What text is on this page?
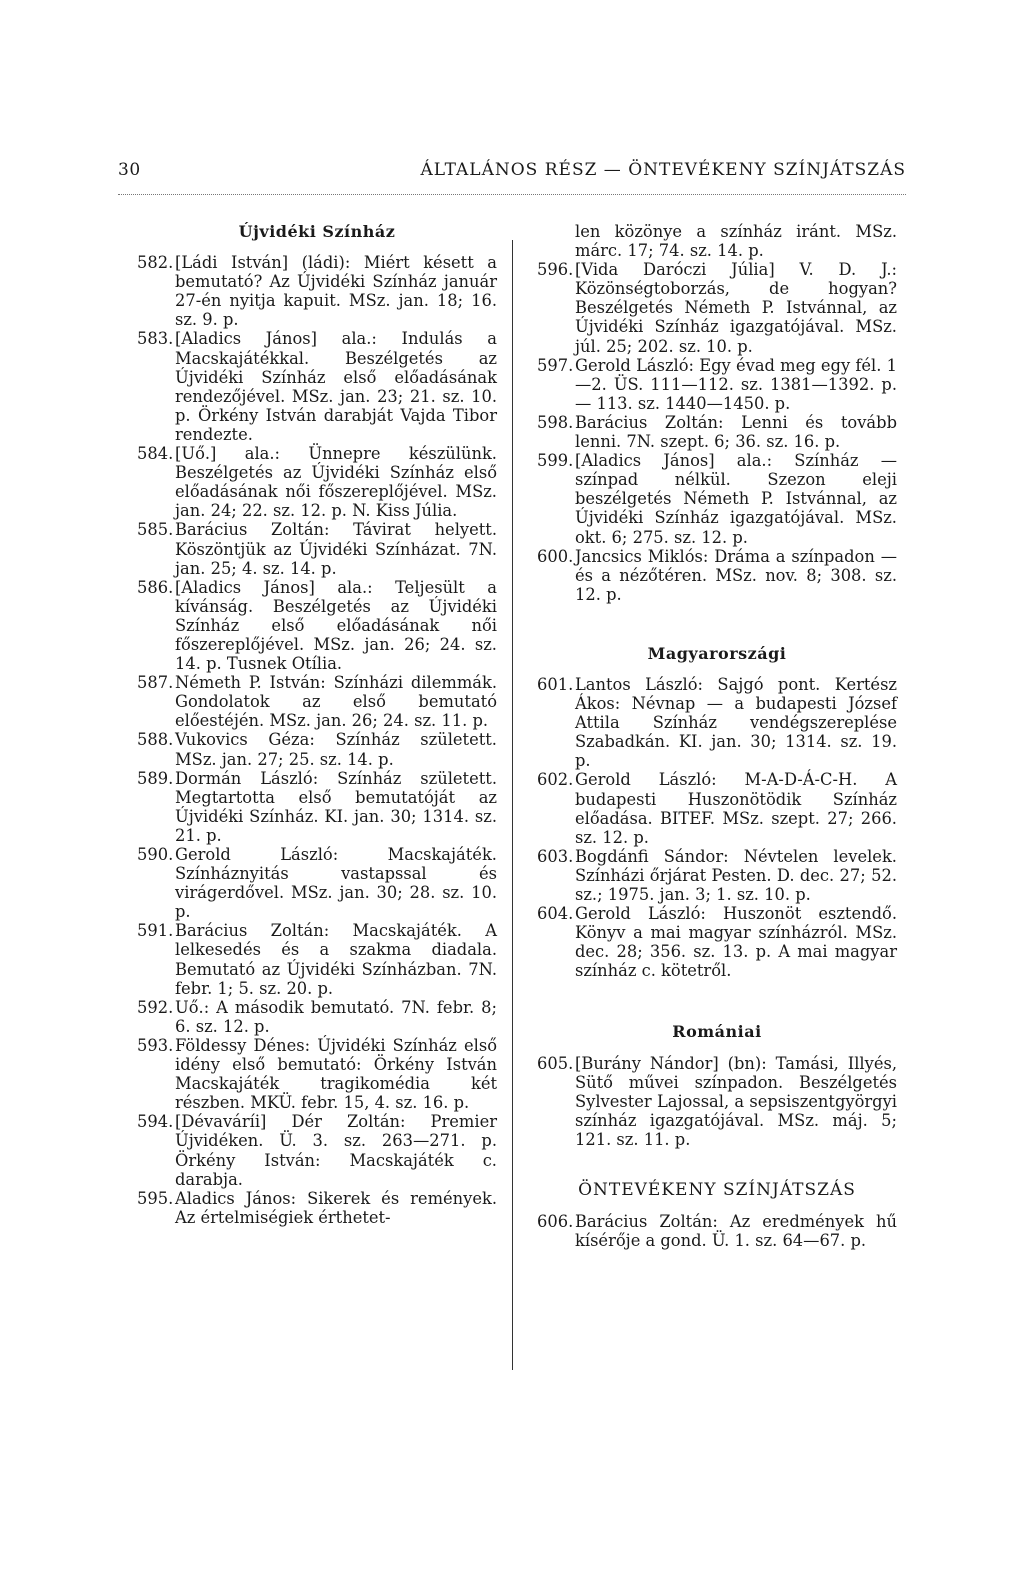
30	ÁLTALÁNOS RÉSZ — ÖNTEVÉKENY SZÍNJÁTSZÁS
Újvidéki Színház
582. [Ládi István] (ládi): Miért késett a bemutató? Az Újvidéki Színház január 27-én nyitja kapuit. MSz. jan. 18; 16. sz. 9. p.
583. [Aladics János] ala.: Indulás a Macskajátékkal. Beszélgetés az Újvidéki Színház első előadásának rendezőjével. MSz. jan. 23; 21. sz. 10. p. Örkény István darabját Vajda Tibor rendezte.
584. [Uő.] ala.: Ünnepre készülünk. Beszélgetés az Újvidéki Színház első előadásának női főszereplőjével. MSz. jan. 24; 22. sz. 12. p. N. Kiss Júlia.
585. Barácius Zoltán: Távirat helyett. Köszöntjük az Újvidéki Színházat. 7N. jan. 25; 4. sz. 14. p.
586. [Aladics János] ala.: Teljesült a kívánság. Beszélgetés az Újvidéki Színház első előadásának női főszereplőjével. MSz. jan. 26; 24. sz. 14. p. Tusnek Otília.
587. Németh P. István: Színházi dilemmák. Gondolatok az első bemutató előestéjén. MSz. jan. 26; 24. sz. 11. p.
588. Vukovics Géza: Színház született. MSz. jan. 27; 25. sz. 14. p.
589. Dormán László: Színház született. Megtartotta első bemutatóját az Újvidéki Színház. KI. jan. 30; 1314. sz. 21. p.
590. Gerold László: Macskajáték. Színháznyitás vastapssal és virágerdővel. MSz. jan. 30; 28. sz. 10. p.
591. Barácius Zoltán: Macskajáték. A lelkesedés és a szakma diadala. Bemutató az Újvidéki Színházban. 7N. febr. 1; 5. sz. 20. p.
592. Uő.: A második bemutató. 7N. febr. 8; 6. sz. 12. p.
593. Földessy Dénes: Újvidéki Színház első idény első bemutató: Örkény István Macskajáték tragikomédia két részben. MKÜ. febr. 15, 4. sz. 16. p.
594. [Dévaváríi] Dér Zoltán: Premier Újvidéken. Ü. 3. sz. 263—271. p. Örkény István: Macskajáték c. darabja.
595. Aladics János: Sikerek és remények. Az értelmiségiek érthetet-
len közönye a színház iránt. MSz. márc. 17; 74. sz. 14. p.
596. [Vida Daróczi Júlia] V. D. J.: Közönségtoborzás, de hogyan? Beszélgetés Németh P. Istvánnal, az Újvidéki Színház igazgatójával. MSz. júl. 25; 202. sz. 10. p.
597. Gerold László: Egy évad meg egy fél. 1—2. ÜS. 111—112. sz. 1381—1392. p. — 113. sz. 1440—1450. p.
598. Barácius Zoltán: Lenni és tovább lenni. 7N. szept. 6; 36. sz. 16. p.
599. [Aladics János] ala.: Színház — színpad nélkül. Szezon eleji beszélgetés Németh P. Istvánnal, az Újvidéki Színház igazgatójával. MSz. okt. 6; 275. sz. 12. p.
600. Jancsics Miklós: Dráma a színpadon — és a nézőtéren. MSz. nov. 8; 308. sz. 12. p.
Magyarországi
601. Lantos László: Sajgó pont. Kertész Ákos: Névnap — a budapesti József Attila Színház vendégszereplése Szabadkán. KI. jan. 30; 1314. sz. 19. p.
602. Gerold László: M-A-D-Á-C-H. A budapesti Huszonötödik Színház előadása. BITEF. MSz. szept. 27; 266. sz. 12. p.
603. Bogdánfi Sándor: Névtelen levelek. Színházi őrjárat Pesten. D. dec. 27; 52. sz.; 1975. jan. 3; 1. sz. 10. p.
604. Gerold László: Huszonöt esztendő. Könyv a mai magyar színházról. MSz. dec. 28; 356. sz. 13. p. A mai magyar színház c. kötetről.
Romániai
605. [Burány Nándor] (bn): Tamási, Illyés, Sütő művei színpadon. Beszélgetés Sylvester Lajossal, a sepsiszentgyörgyi színház igazgatójával. MSz. máj. 5; 121. sz. 11. p.
ÖNTEVÉKENY SZÍNJÁTSZÁS
606. Barácius Zoltán: Az eredmények hű kísérője a gond. Ü. 1. sz. 64—67. p.
